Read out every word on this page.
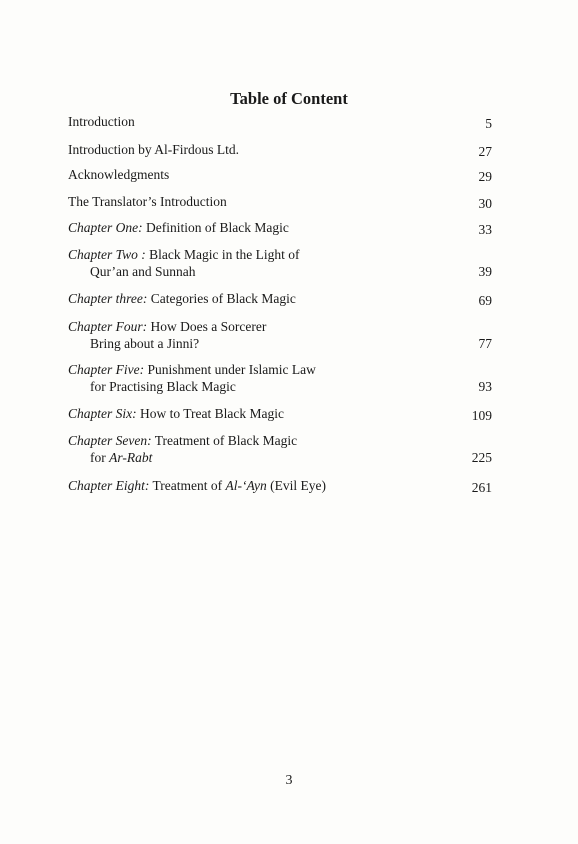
Table of Content
Introduction	5
Introduction by Al-Firdous Ltd.	27
Acknowledgments	29
The Translator’s Introduction	30
Chapter One: Definition of Black Magic	33
Chapter Two : Black Magic in the Light of
Qur’an and Sunnah	39
Chapter three: Categories of Black Magic	69
Chapter Four: How Does a Sorcerer
Bring about a Jinni?	77
Chapter Five: Punishment under Islamic Law
for Practising Black Magic	93
Chapter Six: How to Treat Black Magic	109
Chapter Seven: Treatment of Black Magic
for Ar-Rabt	225
Chapter Eight: Treatment of Al-‘Ayn (Evil Eye)	261
3
